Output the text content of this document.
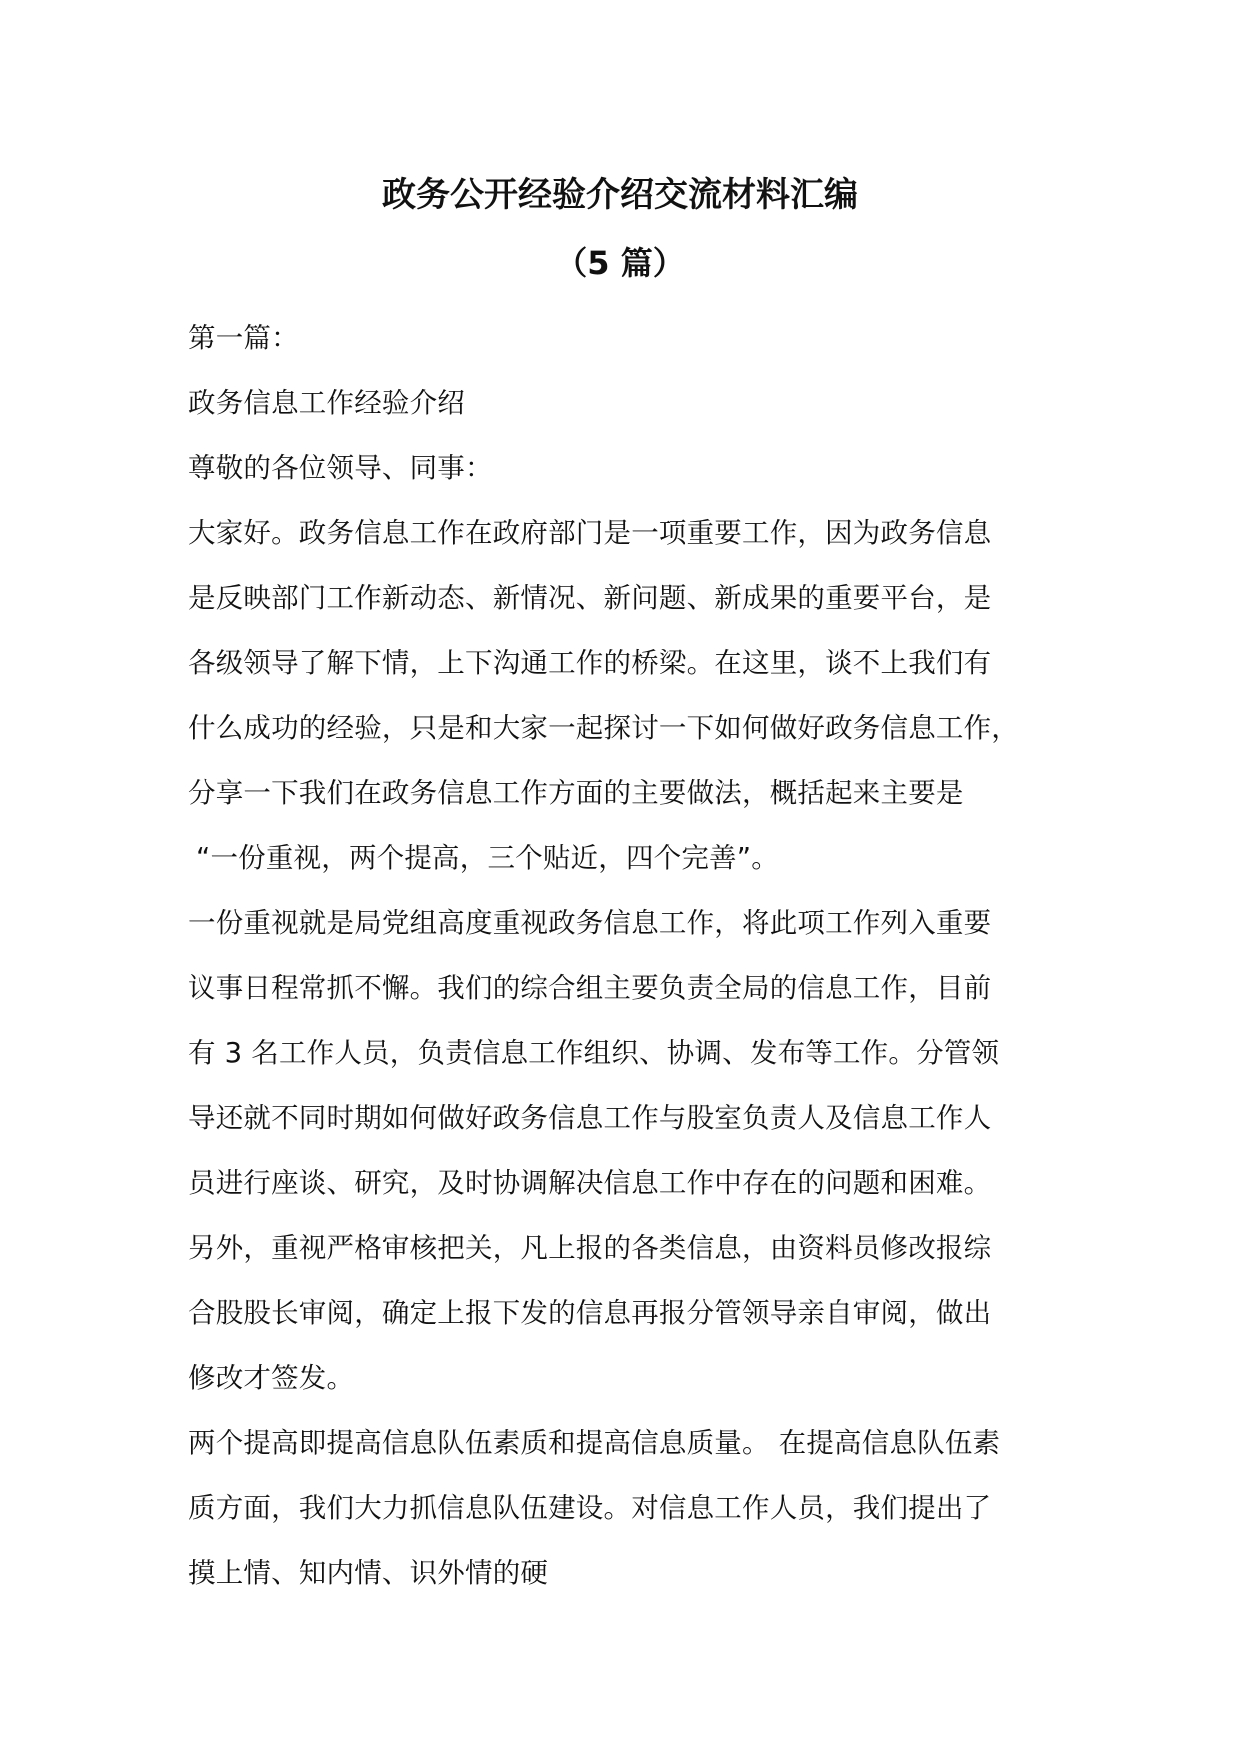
政务公开经验介绍交流材料汇编
（5 篇）
第一篇：
政务信息工作经验介绍
尊敬的各位领导、同事：
大家好。政务信息工作在政府部门是一项重要工作，因为政务信息
是反映部门工作新动态、新情况、新问题、新成果的重要平台，是
各级领导了解下情，上下沟通工作的桥梁。在这里，谈不上我们有
什么成功的经验，只是和大家一起探讨一下如何做好政务信息工作，
分享一下我们在政务信息工作方面的主要做法，概括起来主要是
“一份重视，两个提高，三个贴近，四个完善”。
一份重视就是局党组高度重视政务信息工作，将此项工作列入重要
议事日程常抓不懈。我们的综合组主要负责全局的信息工作，目前
有 3 名工作人员，负责信息工作组织、协调、发布等工作。分管领
导还就不同时期如何做好政务信息工作与股室负责人及信息工作人
员进行座谈、研究，及时协调解决信息工作中存在的问题和困难。
另外，重视严格审核把关，凡上报的各类信息，由资料员修改报综
合股股长审阅，确定上报下发的信息再报分管领导亲自审阅，做出
修改才签发。
两个提高即提高信息队伍素质和提高信息质量。 在提高信息队伍素
质方面，我们大力抓信息队伍建设。对信息工作人员，我们提出了
摸上情、知内情、识外情的硬
